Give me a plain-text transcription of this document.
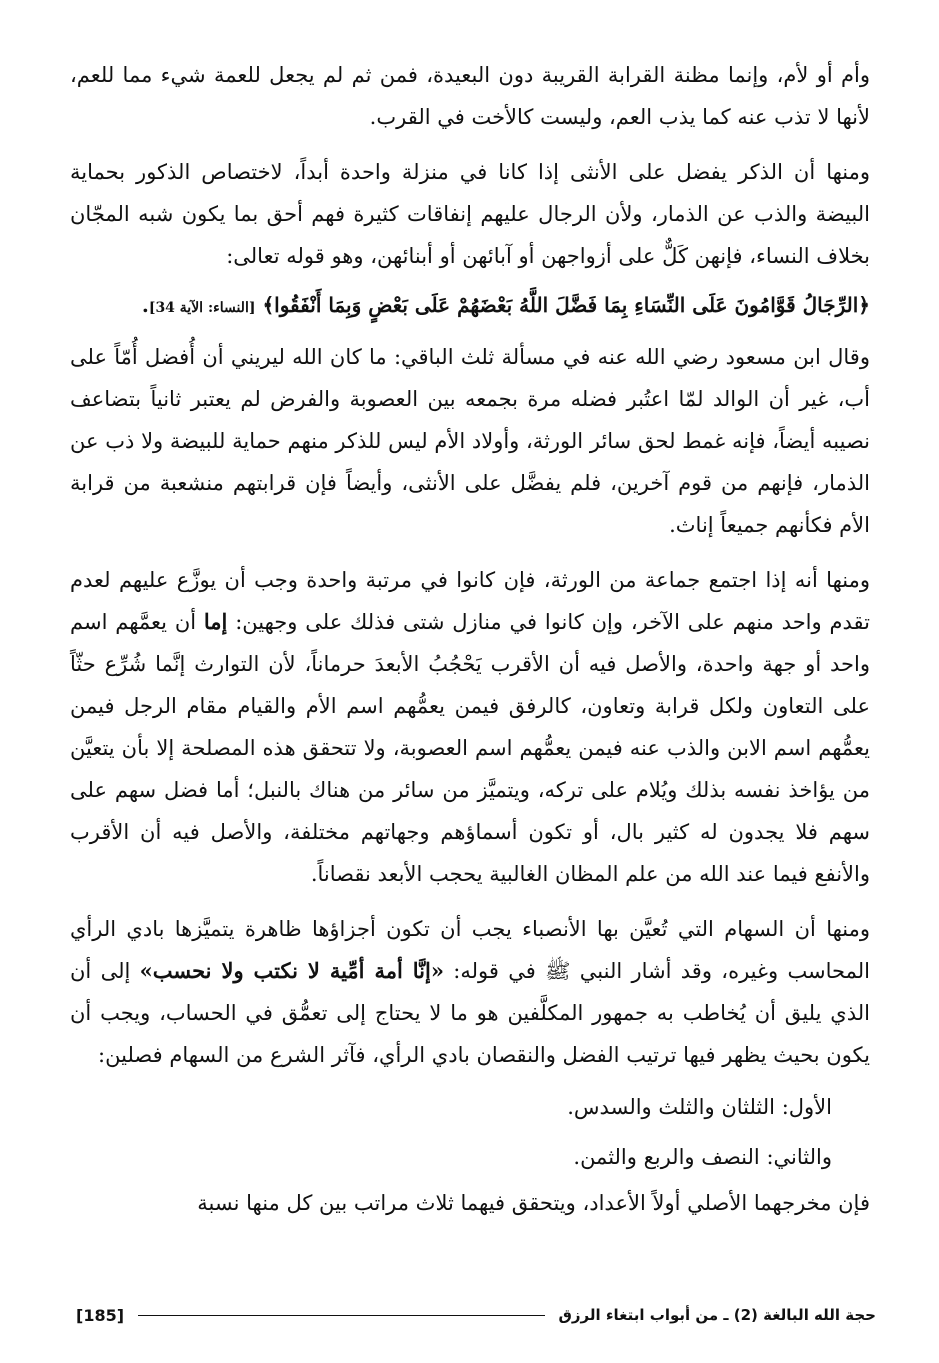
وأم أو لأم، وإنما مظنة القرابة القريبة دون البعيدة، فمن ثم لم يجعل للعمة شيء مما للعم، لأنها لا تذب عنه كما يذب العم، وليست كالأخت في القرب.

ومنها أن الذكر يفضل على الأنثى إذا كانا في منزلة واحدة أبداً، لاختصاص الذكور بحماية البيضة والذب عن الذمار، ولأن الرجال عليهم إنفاقات كثيرة فهم أحق بما يكون شبه المجّان بخلاف النساء، فإنهن كَلٌّ على أزواجهن أو آبائهن أو أبنائهن، وهو قوله تعالى:

﴿الرِّجَالُ قَوَّامُونَ عَلَى النِّسَاءِ بِمَا فَضَّلَ اللَّهُ بَعْضَهُمْ عَلَى بَعْضٍ وَبِمَا أَنْفَقُوا﴾ [النساء: الآية 34].

وقال ابن مسعود رضي الله عنه في مسألة ثلث الباقي: ما كان الله ليريني أن أُفضل أُمّاً على أب، غير أن الوالد لمّا اعتُبر فضله مرة بجمعه بين العصوبة والفرض لم يعتبر ثانياً بتضاعف نصيبه أيضاً، فإنه غمط لحق سائر الورثة، وأولاد الأم ليس للذكر منهم حماية للبيضة ولا ذب عن الذمار، فإنهم من قوم آخرين، فلم يفضَّل على الأنثى، وأيضاً فإن قرابتهم منشعبة من قرابة الأم فكأنهم جميعاً إناث.

ومنها أنه إذا اجتمع جماعة من الورثة، فإن كانوا في مرتبة واحدة وجب أن يوزَّع عليهم لعدم تقدم واحد منهم على الآخر، وإن كانوا في منازل شتى فذلك على وجهين: إما أن يعمَّهم اسم واحد أو جهة واحدة، والأصل فيه أن الأقرب يَحْجُبُ الأبعدَ حرماناً، لأن التوارث إنَّما شُرِّع حثّاً على التعاون ولكل قرابة وتعاون، كالرفق فيمن يعمُّهم اسم الأم والقيام مقام الرجل فيمن يعمُّهم اسم الابن والذب عنه فيمن يعمُّهم اسم العصوبة، ولا تتحقق هذه المصلحة إلا بأن يتعيَّن من يؤاخذ نفسه بذلك ويُلام على تركه، ويتميَّز من سائر من هناك بالنبل؛ أما فضل سهم على سهم فلا يجدون له كثير بال، أو تكون أسماؤهم وجهاتهم مختلفة، والأصل فيه أن الأقرب والأنفع فيما عند الله من علم المظان الغالبية يحجب الأبعد نقصاناً.

ومنها أن السهام التي تُعيَّن بها الأنصباء يجب أن تكون أجزاؤها ظاهرة يتميَّزها بادي الرأي المحاسب وغيره، وقد أشار النبي ﷺ في قوله: «إنَّا أمة أمِّية لا نكتب ولا نحسب» إلى أن الذي يليق أن يُخاطب به جمهور المكلَّفين هو ما لا يحتاج إلى تعمُّق في الحساب، ويجب أن يكون بحيث يظهر فيها ترتيب الفضل والنقصان بادي الرأي، فآثر الشرع من السهام فصلين:

الأول: الثلثان والثلث والسدس.

والثاني: النصف والربع والثمن.

فإن مخرجهما الأصلي أولاً الأعداد، ويتحقق فيهما ثلاث مراتب بين كل منها نسبة

حجة الله البالغة (2) ـ من أبواب ابتغاء الرزق
[185]
